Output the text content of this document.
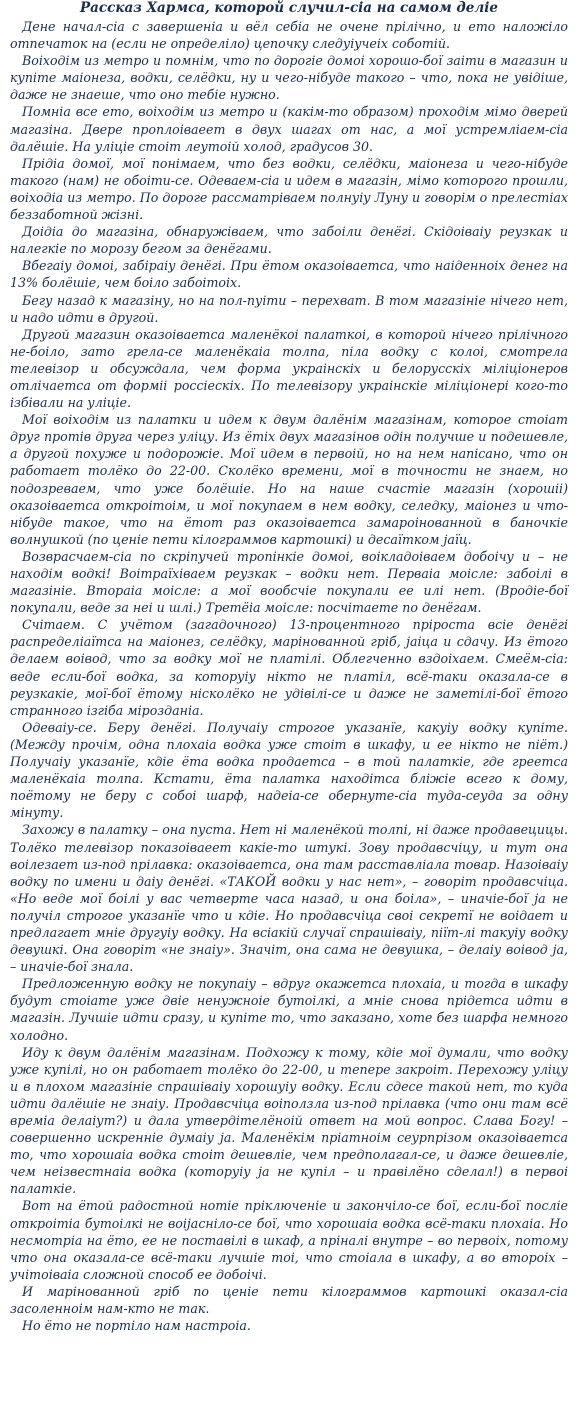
Рассказ Хармса, которой случил-сіа на самом деліе

Дене начал-сіа с завершеніа и вёл себіа не очене прілічно, и ето наложіло отпечаток на (если не определіло) цепочку следуіучеіх соботій.

Воіходім из метро и помнім, что по дорогіе домоі хорошо-бої заіти в магазин и купіте маіонеза, водки, селёдки, ну и чего-нібуде такого – что, пока не увідіше, даже не знаеше, что оно тебіе нужно.

Помніа все ето, воіходім из метро и (какім-то образом) проходім мімо дверей магазіна. Двере проплоіваеет в двух шагах от нас, а мої устремліаем-сіа далёшіе. На уліціе стоіт леутоій холод, градусов 30.

Прідіа домої, мої понімаем, что без водки, селёдки, маіонеза и чего-нібуде такого (нам) не обоіти-се. Одеваем-сіа и идем в магазін, мімо которого прошли, воіходіа из метро. По дороге рассматріваем полнуіу Луну и говорім о прелестіах беззаботной жізні.

Доідіа до магазіна, обнаружіваем, что забоіли денёгі. Скідоіваіу реузкак и налегкіе по морозу бегом за денёгами.

Вбегаіу домоі, забіраіу денёгі. При ётом оказоіваетса, что наіденноіх денег на 13% болёшіе, чем боіло забоітоіх.

Бегу назад к магазіну, но на пол-пуіти – перехват. В том магазініе нічего нет, и надо идти в другой.

Другой магазин оказоіваетса маленёкоі палаткоі, в которой нічего прілічного не-боіло, зато грела-се маленёкаіа толпа, піла водку с колоі, смотрела телевізор и обсуждала, чем форма украінскіх и белорусскіх міліціонеров отлічаетса от форміі россіескіх. По телевізору украінскіе міліціонері кого-то ізбівали на уліціе.

Мої воіходім из палатки и идем к двум далёнім магазінам, которое стоіат друг протів друга через уліцу. Из ётіх двух магазінов одін получше и подешевле, а другой похуже и подорожіе. Мої идем в первоій, но на нем напісано, что он работает толёко до 22-00. Сколёко времени, мої в точности не знаем, но подозреваем, что уже болёшіе. Но на наше счастіе магазін (хорошіі) оказоіваетса откроітоім, и мої покупаем в нем водку, селедку, маіонез и что-нібуде такое, что на ётот раз оказоіваетса замароінованной в баночкіе волнушкой (по ценіе пети кілограммов картошкі) и десаїтком jаїц.

Возврасчаем-сіа по скріпучей тропінкіе домоі, воікладоіваем добоічу и – не находім водкі! Воітраїхіваем реузкак – водки нет. Перваіа моісле: забоілі в магазініе. Вторaіа моісле: а мої вообсчіе покупали ее илі нет. (Вродіе-бої покупали, веде за неі и шлі.) Третёіа моісле: посчітаете по денёгам.

Счітаем. С учётом (загадочного) 13-процентного пріроста всіе денёгі распределіаїтса на маіонез, селёдку, марінованной гріб, jаіца и сдачу. Из ётого делаем воівод, что за водку мої не платілі. Облегченно вздоіхаем. Смеём-сіа: веде если-бої водка, за которуіу нікто не платіл, всё-таки оказала-се в реузкакіе, мої-бої ётому ніскoлёко не удівілі-се и даже не заметілі-бої ётого странного ізгіба мірозданіа.

Одеваіу-се. Беру денёгі. Получаіу строгое указанїе, какуіу водку купіте. (Между прочім, одна плохаіа водка уже стоіт в шкафу, и ее нікто не піёт.) Получаіу указанїе, кдіе ёта водка продаетса – в той палаткіе, где греетса маленёкаіа толпа. Кстати, ёта палатка находітса бліжіе всего к дому, поётому не беру с собоі шарф, надеіа-се обернуте-сіа туда-сеуда за одну мінуту.

Захожу в палатку – она пуста. Нет ні маленёкой толпі, ні даже продавецицы. Толёко телевізор показоіваеет какіе-то штукі. Зову продавсчіцу, и тут она воілезает из-под прілавка: оказоіваетса, она там расставліала товар. Назоіваіу водку по имени и даіу денёгі. «ТАКОЙ водки у нас нет», – говоріт продавсчіца. «Но веде мої боілі у вас четверте часа назад, и она боіла», – иначіе-бої jа не получіл строгое указанїе что и кдіе. Но продавсчіца своі секретї не воідает и предлагает мніе другуіу водку. На всіакій случаї спрашіваіу, піїт-лі такуіу водку девушкі. Она говоріт «не знаіу». Значіт, она сама не девушка, – делаіу воівод jа, – иначіе-бої знала.

Предложенную водку не покупаіу – вдруг окажетса плохаіа, и тогда в шкафу будут стоіате уже двіе ненужноіе бутоілкі, а мніе снова прідетса идти в магазін. Лучшіе идти сразу, и купіте то, что заказано, хоте без шарфа немного холодно.

Иду к двум далёнім магазінам. Подхожу к тому, кдіе мої думали, что водку уже купілі, но он работает толёко до 22-00, и теперe закроіт. Перехожу уліцу и в плохом магазініе спрашіваіу хорошуіу водку. Если сдесе такой нет, то куда идти далёшіе не знаіу. Продавсчіца воіползла из-под прілавка (что они там всё времіа делаіут?) и дала утвердітелёноій ответ на мой вопрос. Слава Богу! – совершенно искренніе думаіу jа. Маленёкім пріатноім сеурпрізом оказоіваетса то, что хорошаіа водка стоіт дешевліе, чем предполагал-се, и даже дешевліе, чем неізвестнаіа водка (которуіу jа не купіл – и правілёно сделал!) в первоі палаткіе.

Вот на ётой радостной нотіе пріключеніе и закончіло-се бої, если-бої посліе откроітіа бутоілкі не воіjасніло-се бої, что хорошаіа водка всё-таки плохаіа. Но несмотріа на ёто, ее не поставілі в шкаф, а пріналі внутре – во первоіх, потому что она оказала-се всё-таки лучшіе тоі, что стоіала в шкафу, а во вторoіх – учітоіваіа сложной способ ее добоічі.

И марінованной гріб по ценіе пети кілограммов картошкі оказал-сіа засоленноім нам-кто не так.

Но ёто не портіло нам настроіа.
